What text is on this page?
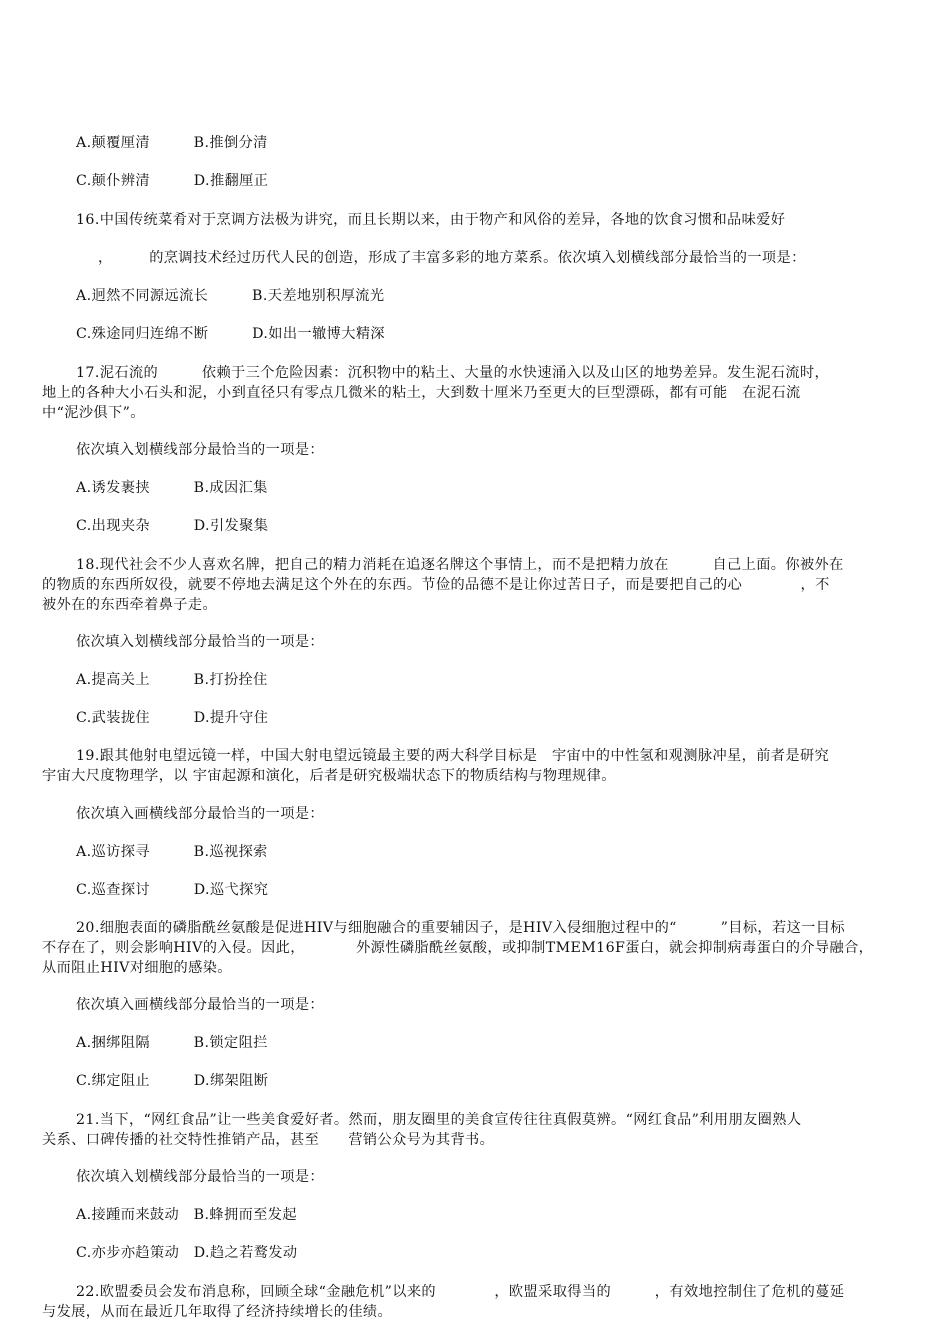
A.颠覆厘清　　　B.推倒分清
C.颠仆辨清　　　D.推翻厘正
16.中国传统菜肴对于烹调方法极为讲究，而且长期以来，由于物产和风俗的差异，各地的饮食习惯和品味爱好
，　　　的烹调技术经过历代人民的创造，形成了丰富多彩的地方菜系。依次填入划横线部分最恰当的一项是：
A.迥然不同源远流长　　　B.天差地别积厚流光
C.殊途同归连绵不断　　　D.如出一辙博大精深
17.泥石流的　　　依赖于三个危险因素：沉积物中的粘土、大量的水快速涌入以及山区的地势差异。发生泥石流时，
地上的各种大小石头和泥，小到直径只有零点几微米的粘土，大到数十厘米乃至更大的巨型漂砾，都有可能　在泥石流
中“泥沙俱下”。
依次填入划横线部分最恰当的一项是：
A.诱发裹挟　　　B.成因汇集
C.出现夹杂　　　D.引发聚集
18.现代社会不少人喜欢名牌，把自己的精力消耗在追逐名牌这个事情上，而不是把精力放在　　　自己上面。你被外在
的物质的东西所奴役，就要不停地去满足这个外在的东西。节俭的品德不是让你过苦日子，而是要把自己的心　　　　，不
被外在的东西牵着鼻子走。
依次填入划横线部分最恰当的一项是：
A.提高关上　　　B.打扮拴住
C.武装拢住　　　D.提升守住
19.跟其他射电望远镜一样，中国大射电望远镜最主要的两大科学目标是　宇宙中的中性氢和观测脉冲星，前者是研究
宇宙大尺度物理学，以 宇宙起源和演化，后者是研究极端状态下的物质结构与物理规律。
依次填入画横线部分最恰当的一项是：
A.巡访探寻　　　B.巡视探索
C.巡查探讨　　　D.巡弋探究
20.细胞表面的磷脂酰丝氨酸是促进HIV与细胞融合的重要辅因子，是HIV入侵细胞过程中的“　　　”目标，若这一目标
不存在了，则会影响HIV的入侵。因此，　　　　外源性磷脂酰丝氨酸，或抑制TMEM16F蛋白，就会抑制病毒蛋白的介导融合，
从而阻止HIV对细胞的感染。
依次填入画横线部分最恰当的一项是：
A.捆绑阻隔　　　B.锁定阻拦
C.绑定阻止　　　D.绑架阻断
21.当下，“网红食品”让一些美食爱好者。然而，朋友圈里的美食宣传往往真假莫辨。“网红食品”利用朋友圈熟人
关系、口碑传播的社交特性推销产品，甚至　　营销公众号为其背书。
依次填入划横线部分最恰当的一项是：
A.接踵而来鼓动　B.蜂拥而至发起
C.亦步亦趋策动　D.趋之若鹜发动
22.欧盟委员会发布消息称，回顾全球“金融危机”以来的　　　　，欧盟采取得当的　　　，有效地控制住了危机的蔓延
与发展，从而在最近几年取得了经济持续增长的佳绩。
